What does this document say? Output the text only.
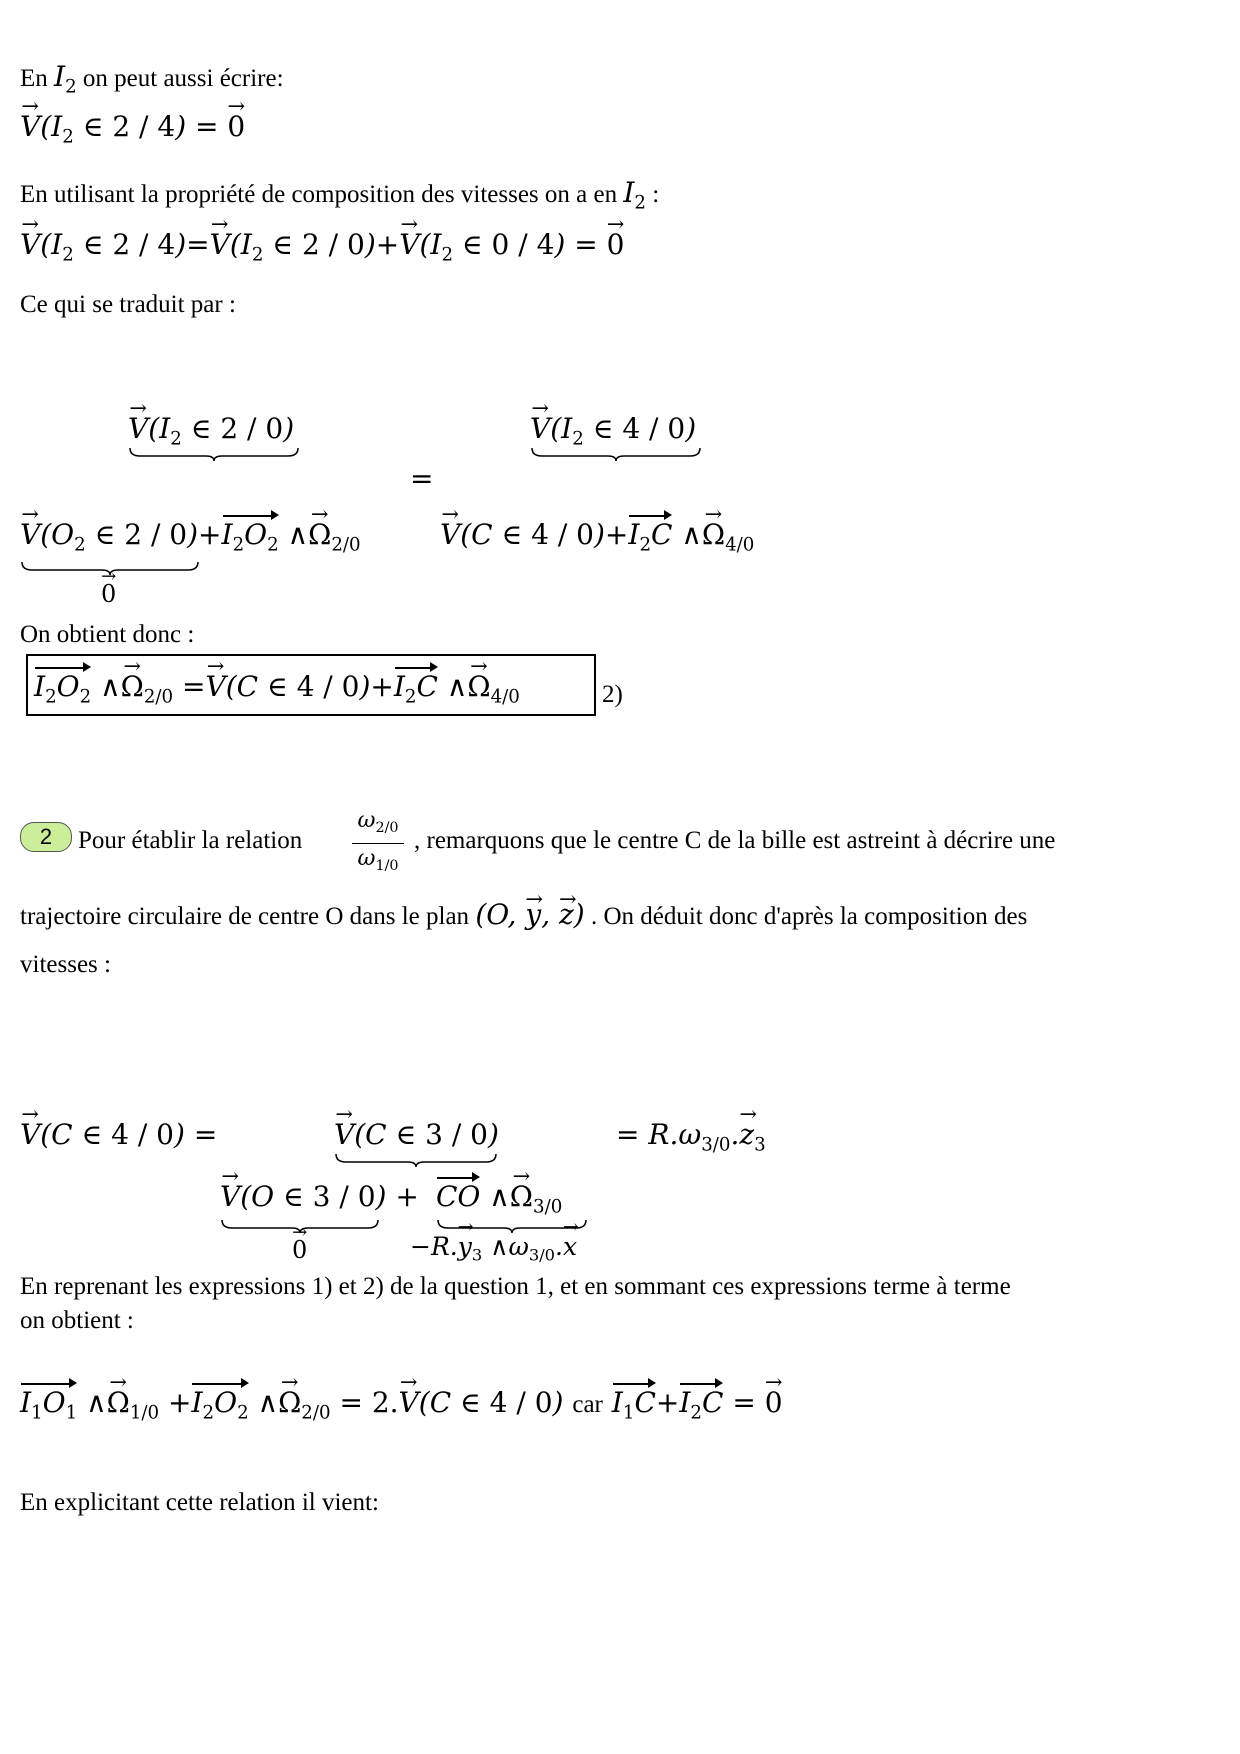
En $I_2$ on peut aussi écrire:
→ $V(I_2$ ∈ 2 / 4) = → 0
En utilisant la propriété de composition des vitesses on a en $I_2$ :
→ $V(I_2$ ∈ $2 / 4)=\to V(I_2$ ∈ $2 / 0)+\to V(I_2$ ∈ 0 / 4) = → 0
Ce qui se traduit par :
→ $V(I_2$ ∈ 2 / 0)
=
→ $V(I_2$ ∈ 4 / 0)
→ $V(O_2$ ∈ $2 / 0)+I_2O_2$ ∧→ $\Omega_{2/0}$	→ V(C ∈ $4 / 0)+I_2C$ ∧→ $\Omega_{4/0}$
→ 0
On obtient donc :
$I_2O_2$ ∧→ $\Omega_{2/0} =\to V(C$ ∈ $4 / 0)+I_2C$ ∧→ $\Omega_{4/0}$	2)
2	Pour établir la relation
$\omega_{2/0}$
$\omega_{1/0}$
, remarquons que le centre C de la bille est astreint à décrire une
trajectoire circulaire de centre O dans le plan (O, → y, → z) . On déduit donc d'après la composition des
vitesses :
→ V(C ∈ 4 / 0) =	→ V(C ∈ 3 / 0)	= $R.\omega_{3/0}.\to z_3$
→ V(O ∈ 3 / 0) + CO ∧→ $\Omega_{3/0}$
→ 0	$-R.\to y_3$ $\wedge\omega_{3/0}.\to x$
En reprenant les expressions 1) et 2) de la question 1, et en sommant ces expressions terme à terme
on obtient :
$I_1O_1$ ∧→ $\Omega_{1/0} +I_2O_2$ ∧→ $\Omega_{2/0} = 2.\to V(C$ ∈ 4 / 0) car $I_1C+I_2C$ = → 0
En explicitant cette relation il vient:
